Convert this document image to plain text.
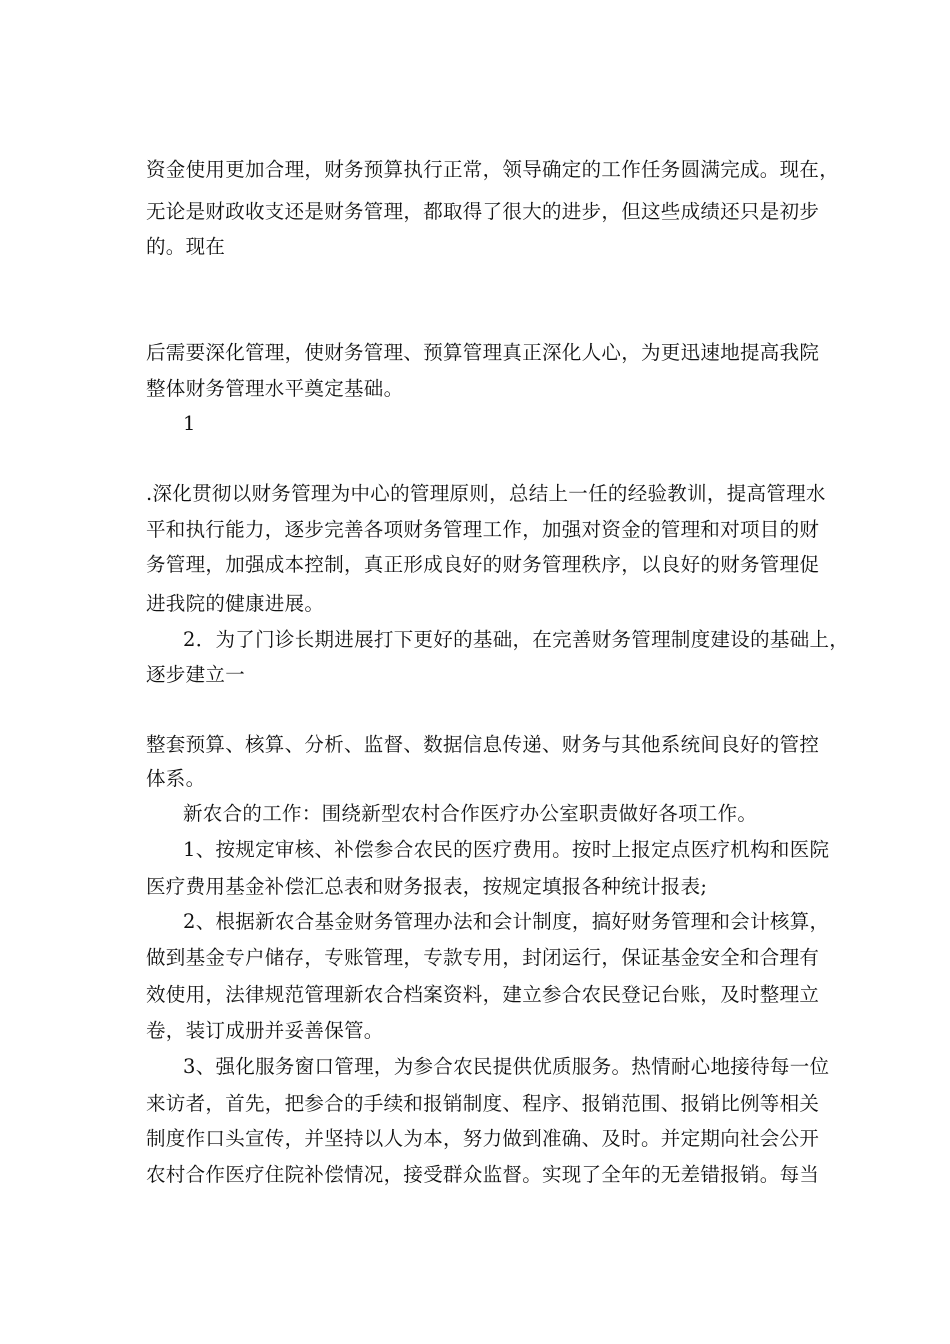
资金使用更加合理，财务预算执行正常，领导确定的工作任务圆满完成。现在，
无论是财政收支还是财务管理，都取得了很大的进步，但这些成绩还只是初步
的。现在
后需要深化管理，使财务管理、预算管理真正深化人心，为更迅速地提高我院
整体财务管理水平奠定基础。
1
.深化贯彻以财务管理为中心的管理原则，总结上一任的经验教训，提高管理水
平和执行能力，逐步完善各项财务管理工作，加强对资金的管理和对项目的财
务管理，加强成本控制，真正形成良好的财务管理秩序，以良好的财务管理促
进我院的健康进展。
2．为了门诊长期进展打下更好的基础，在完善财务管理制度建设的基础上，
逐步建立一
整套预算、核算、分析、监督、数据信息传递、财务与其他系统间良好的管控
体系。
新农合的工作：围绕新型农村合作医疗办公室职责做好各项工作。
1、按规定审核、补偿参合农民的医疗费用。按时上报定点医疗机构和医院
医疗费用基金补偿汇总表和财务报表，按规定填报各种统计报表;
2、根据新农合基金财务管理办法和会计制度，搞好财务管理和会计核算，
做到基金专户储存，专账管理，专款专用，封闭运行，保证基金安全和合理有
效使用，法律规范管理新农合档案资料，建立参合农民登记台账，及时整理立
卷，装订成册并妥善保管。
3、强化服务窗口管理，为参合农民提供优质服务。热情耐心地接待每一位
来访者，首先，把参合的手续和报销制度、程序、报销范围、报销比例等相关
制度作口头宣传，并坚持以人为本，努力做到准确、及时。并定期向社会公开
农村合作医疗住院补偿情况，接受群众监督。实现了全年的无差错报销。每当
